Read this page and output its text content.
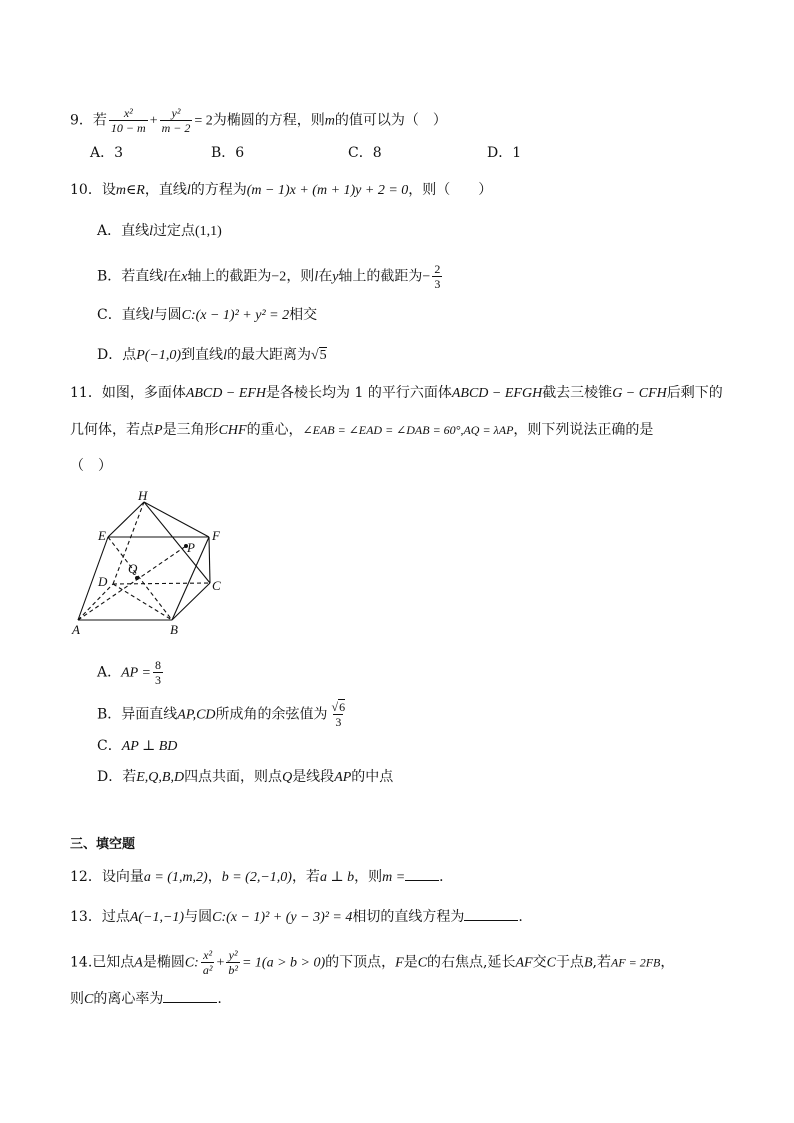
9．若 $\frac{\text{x²}}{10 - m} + \frac{\text{y²}}{m - 2} = 2$为椭圆的方程，则m的值可以为（　）
A．3	B．6	C．8	D．1
10．设m∈R，直线l的方程为(m − 1)x + (m + 1)y + 2 = 0，则（　　）
A．直线l过定点(1,1)
B．若直线l在x轴上的截距为−2，则l在y轴上的截距为− $\frac{2}{3}$
C．直线l与圆C:(x − 1)² + y² = 2相交
D．点P(−1,0)到直线l的最大距离为√5
11．如图，多面体ABCD − EFH是各棱长均为 1 的平行六面体ABCD − EFGH截去三棱锥G − CFH后剩下的
几何体，若点P是三角形CHF的重心，∠EAB = ∠EAD = ∠DAB = 60°,AQ = λAP，则下列说法正确的是
（　）
H
E	F
P
Q
D	C
A	B
A．AP = $\frac{8}{3}$
B．异面直线AP,CD所成角的余弦值为 $\frac{√6}{3}$
C．AP ⊥ BD
D．若E,Q,B,D四点共面，则点Q是线段AP的中点
三、填空题
12．设向量a = (1,m,2)，b = (2,−1,0)，若a ⊥ b，则m = ．
13．过点A(−1,−1)与圆C:(x − 1)² + (y − 3)² = 4相切的直线方程为	.
14.已知点A是椭圆C: $\frac{\text{x²}}{\text{a²}} + \frac{\text{y²}}{\text{b²}} = 1(a > b > 0)$的下顶点，F是C的右焦点,延长AF交C于点B,若AF = 2FB，
则C的离心率为	.
